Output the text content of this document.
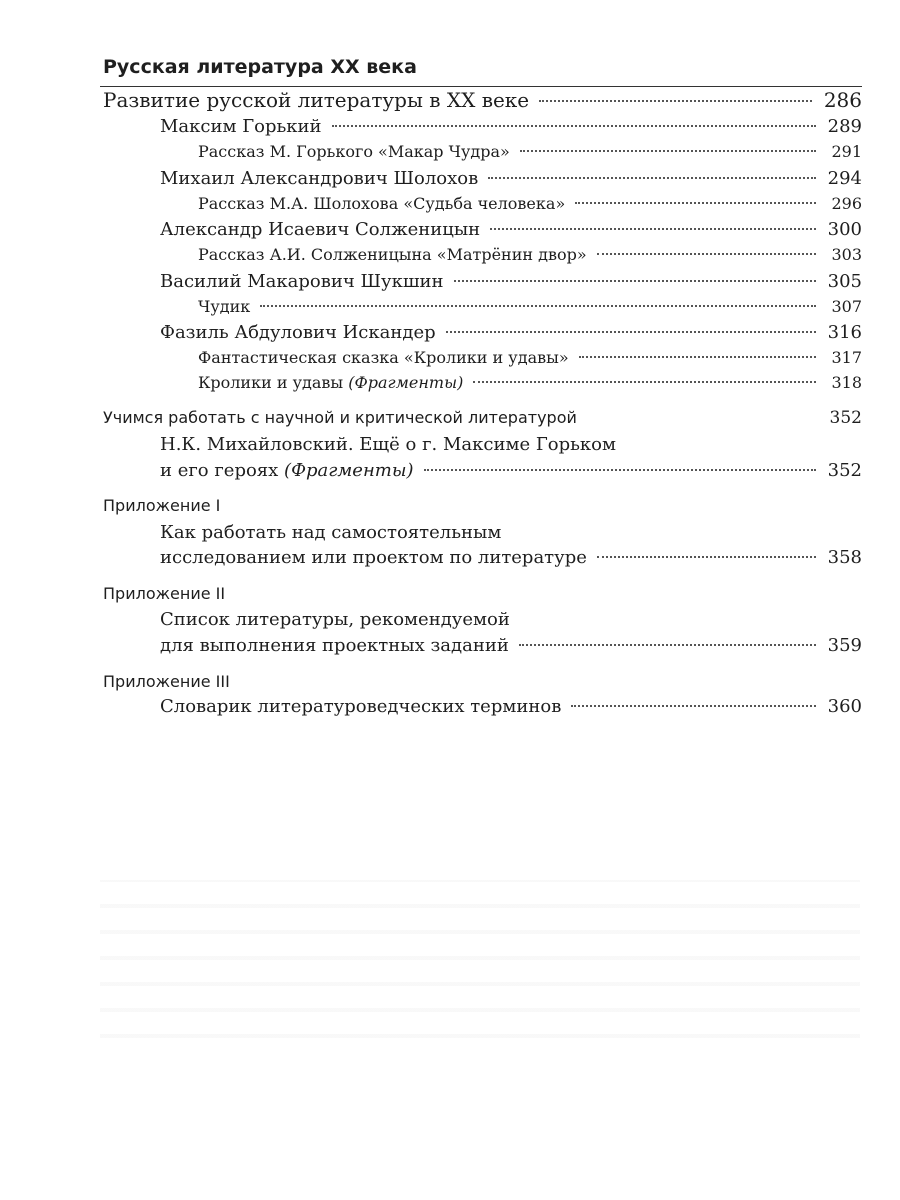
Русская литература XX века
Развитие русской литературы в XX веке	286
Максим Горький	289
Рассказ М. Горького «Макар Чудра»	291
Михаил Александрович Шолохов	294
Рассказ М.А. Шолохова «Судьба человека»	296
Александр Исаевич Солженицын	300
Рассказ А.И. Солженицына «Матрёнин двор»	303
Василий Макарович Шукшин	305
Чудик	307
Фазиль Абдулович Искандер	316
Фантастическая сказка «Кролики и удавы»	317
Кролики и удавы (Фрагменты)	318
Учимся работать с научной и критической литературой	352
Н.К. Михайловский. Ещё о г. Максиме Горьком
и его героях (Фрагменты)	352
Приложение I
Как работать над самостоятельным
исследованием или проектом по литературе	358
Приложение II
Список литературы, рекомендуемой
для выполнения проектных заданий	359
Приложение III
Словарик литературоведческих терминов	360
